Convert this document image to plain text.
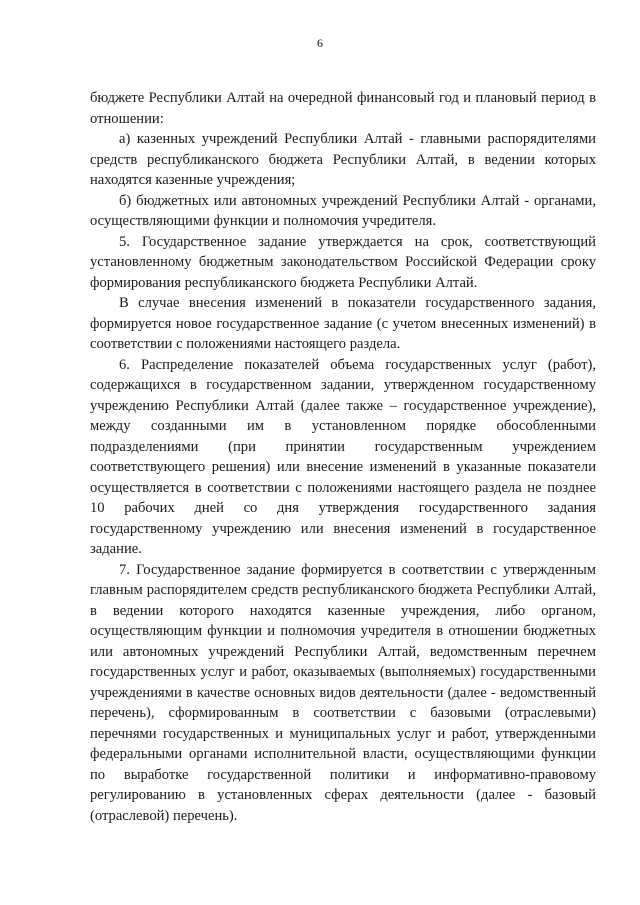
6

бюджете Республики Алтай на очередной финансовый год и плановый период в отношении:

а) казенных учреждений Республики Алтай - главными распорядителями средств республиканского бюджета Республики Алтай, в ведении которых находятся казенные учреждения;

б) бюджетных или автономных учреждений Республики Алтай - органами, осуществляющими функции и полномочия учредителя.

5. Государственное задание утверждается на срок, соответствующий установленному бюджетным законодательством Российской Федерации сроку формирования республиканского бюджета Республики Алтай.

В случае внесения изменений в показатели государственного задания, формируется новое государственное задание (с учетом внесенных изменений) в соответствии с положениями настоящего раздела.

6. Распределение показателей объема государственных услуг (работ), содержащихся в государственном задании, утвержденном государственному учреждению Республики Алтай (далее также – государственное учреждение), между созданными им в установленном порядке обособленными подразделениями (при принятии государственным учреждением соответствующего решения) или внесение изменений в указанные показатели осуществляется в соответствии с положениями настоящего раздела не позднее 10 рабочих дней со дня утверждения государственного задания государственному учреждению или внесения изменений в государственное задание.

7. Государственное задание формируется в соответствии с утвержденным главным распорядителем средств республиканского бюджета Республики Алтай, в ведении которого находятся казенные учреждения, либо органом, осуществляющим функции и полномочия учредителя в отношении бюджетных или автономных учреждений Республики Алтай, ведомственным перечнем государственных услуг и работ, оказываемых (выполняемых) государственными учреждениями в качестве основных видов деятельности (далее - ведомственный перечень), сформированным в соответствии с базовыми (отраслевыми) перечнями государственных и муниципальных услуг и работ, утвержденными федеральными органами исполнительной власти, осуществляющими функции по выработке государственной политики и информативно-правовому регулированию в установленных сферах деятельности (далее - базовый (отраслевой) перечень).
